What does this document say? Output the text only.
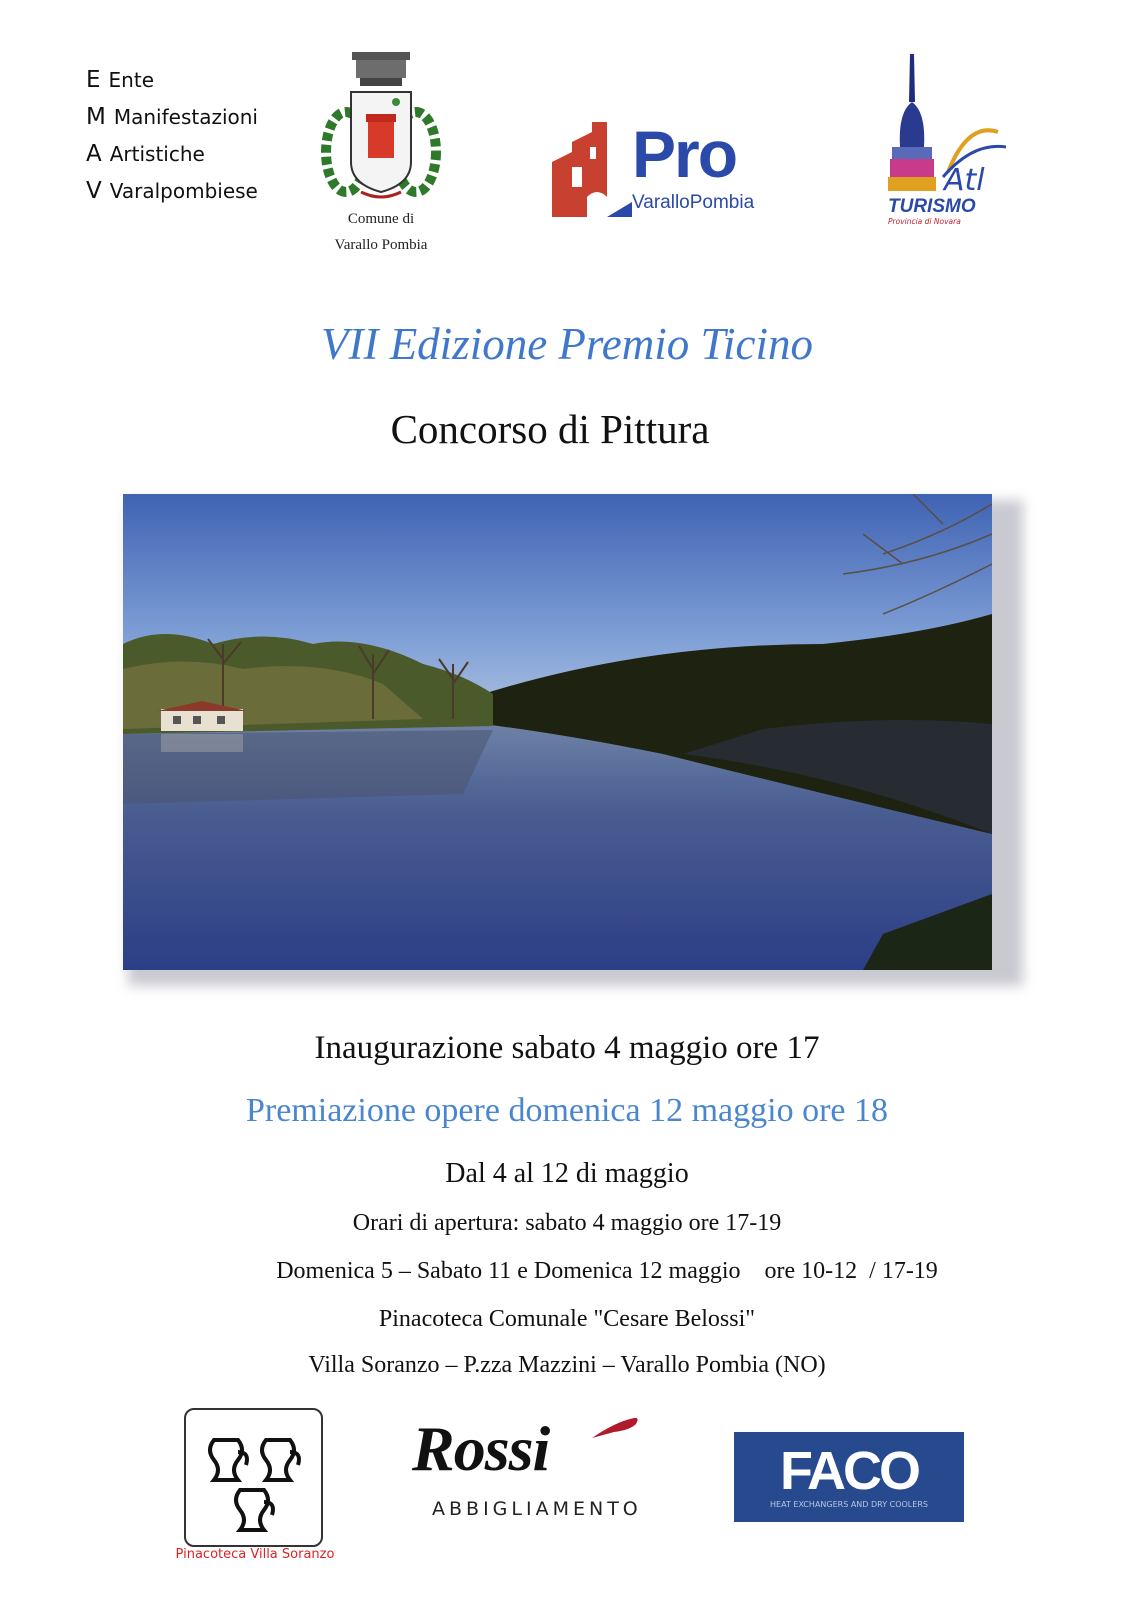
E Ente
M Manifestazioni
A Artistiche
V Varalpombiese
Comune di
Varallo Pombia
Pro
VaralloPombia
Atl
TURISMO
Provincia di Novara
VII Edizione Premio Ticino
Concorso di Pittura
Inaugurazione sabato 4 maggio ore 17
Premiazione opere domenica 12 maggio ore 18
Dal 4 al 12 di maggio
Orari di apertura: sabato 4 maggio ore 17-19
Domenica 5 – Sabato 11 e Domenica 12 maggio    ore 10-12  / 17-19
Pinacoteca Comunale "Cesare Belossi"
Villa Soranzo – P.zza Mazzini – Varallo Pombia (NO)
Pinacoteca Villa Soranzo
Rossi
ABBIGLIAMENTO
FACO
HEAT EXCHANGERS AND DRY COOLERS
